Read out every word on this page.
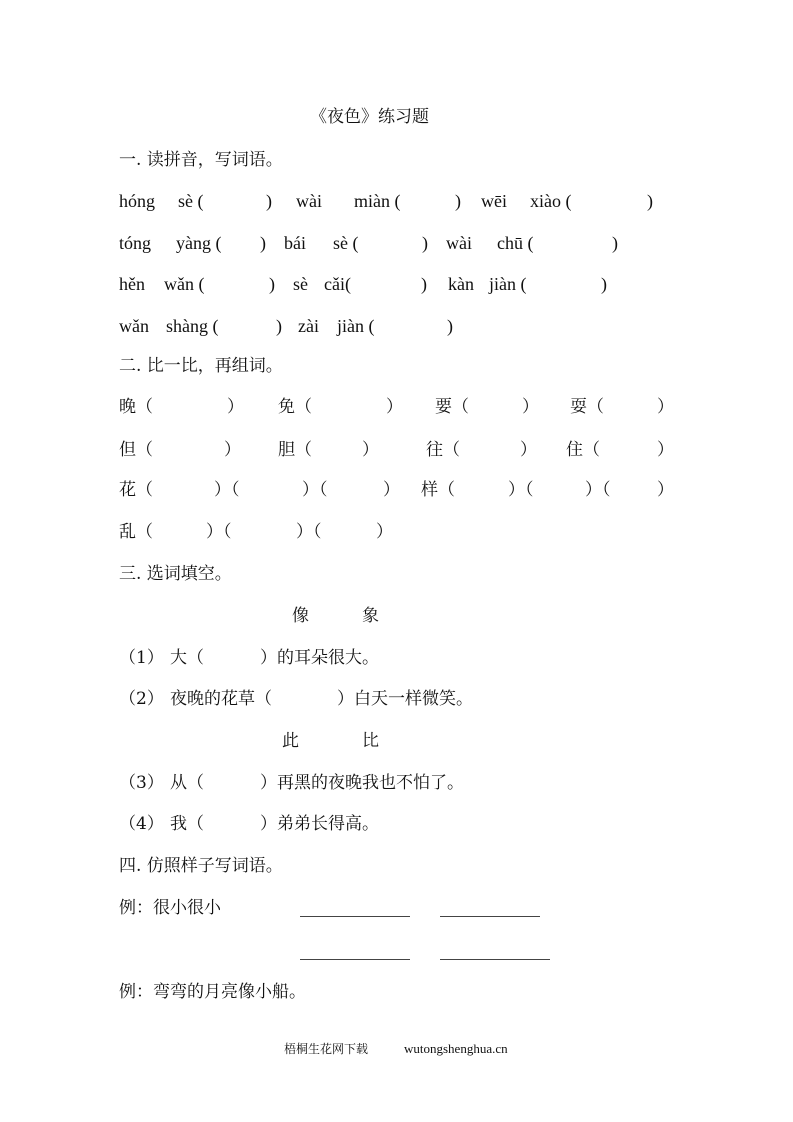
《夜色》练习题
一. 读拼音，写词语。
hóng sè (	) wài miàn (	) wēi xiào (	)
tóng yàng ( ) bái sè (	) wài chū (	)
hěn wǎn (	) sè cǎi(	) kàn jiàn (	)
wǎn shàng (	) zài jiàn (	)
二. 比一比，再组词。
晚（	） 免（	） 要（	） 耍（	）
但（	） 胆（	）	往（	） 住（	）
花（	）（	）（	） 样（	）（	）（	）
乱（	）（	）（	）
三. 选词填空。
像	象
（1） 大（	）的耳朵很大。
（2） 夜晚的花草（	）白天一样微笑。
此	比
（3） 从（	）再黑的夜晚我也不怕了。
（4） 我（	）弟弟长得高。
四. 仿照样子写词语。
例：很小很小
例：弯弯的月亮像小船。
梧桐生花网下载	wutongshenghua.cn
